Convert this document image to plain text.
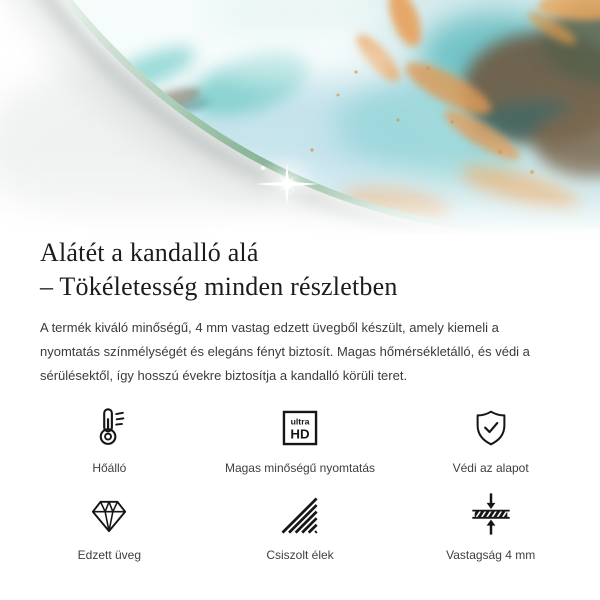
Alátét a kandalló alá
– Tökéletesség minden részletben

A termék kiváló minőségű, 4 mm vastag edzett üvegből készült, amely kiemeli a nyomtatás színmélységét és elegáns fényt biztosít. Magas hőmérsékletálló, és védi a sérülésektől, így hosszú évekre biztosítja a kandalló körüli teret.

Hőálló
ultra
HD
Magas minőségű nyomtatás	Védi az alapot
Edzett üveg	Csiszolt élek	Vastagság 4 mm
